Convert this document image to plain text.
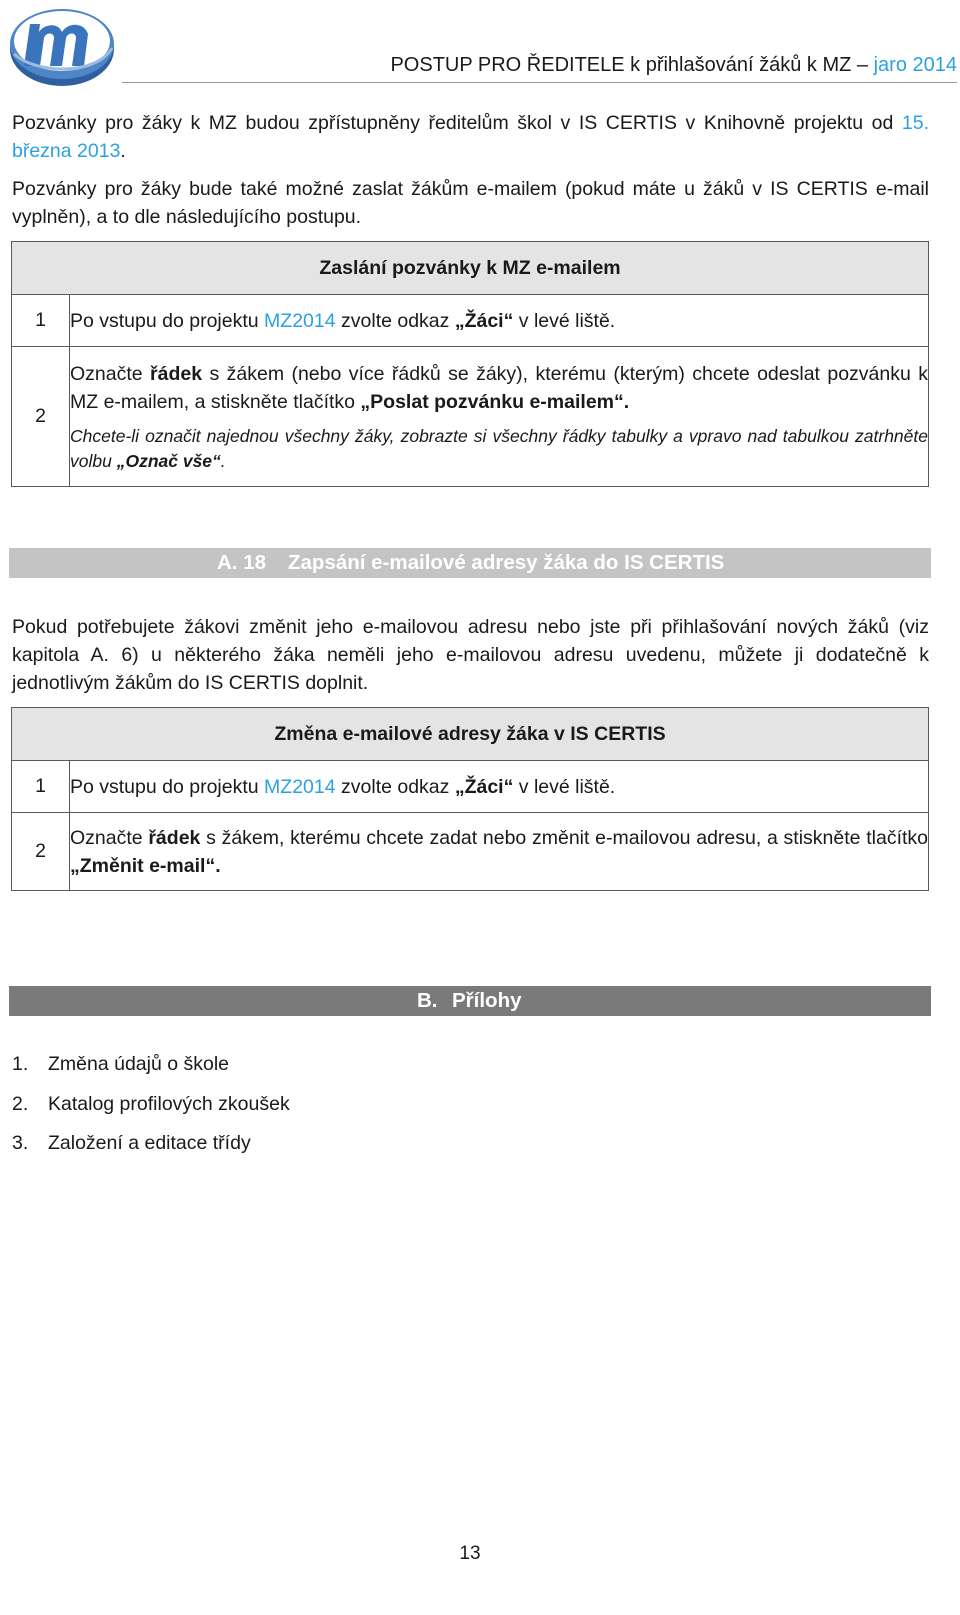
POSTUP PRO ŘEDITELE k přihlašování žáků k MZ – jaro 2014
Pozvánky pro žáky k MZ budou zpřístupněny ředitelům škol v IS CERTIS v Knihovně projektu od 15. března 2013.
Pozvánky pro žáky bude také možné zaslat žákům e-mailem (pokud máte u žáků v IS CERTIS e-mail vyplněn), a to dle následujícího postupu.
Zaslání pozvánky k MZ e-mailem	
1	Po vstupu do projektu MZ2014 zvolte odkaz „Žáci“ v levé liště.
2	Označte řádek s žákem (nebo více řádků se žáky), kterému (kterým) chcete odeslat pozvánku k MZ e-mailem, a stiskněte tlačítko „Poslat pozvánku e-mailem“.
Chcete-li označit najednou všechny žáky, zobrazte si všechny řádky tabulky a vpravo nad tabulkou zatrhněte volbu „Označ vše“.
A. 18 Zapsání e-mailové adresy žáka do IS CERTIS
Pokud potřebujete žákovi změnit jeho e-mailovou adresu nebo jste při přihlašování nových žáků (viz kapitola A. 6) u některého žáka neměli jeho e-mailovou adresu uvedenu, můžete ji dodatečně k jednotlivým žákům do IS CERTIS doplnit.
Změna e-mailové adresy žáka v IS CERTIS	
1	Po vstupu do projektu MZ2014 zvolte odkaz „Žáci“ v levé liště.
2	Označte řádek s žákem, kterému chcete zadat nebo změnit e-mailovou adresu, a stiskněte tlačítko „Změnit e-mail“.
B. Přílohy
1. Změna údajů o škole
2. Katalog profilových zkoušek
3. Založení a editace třídy
13
